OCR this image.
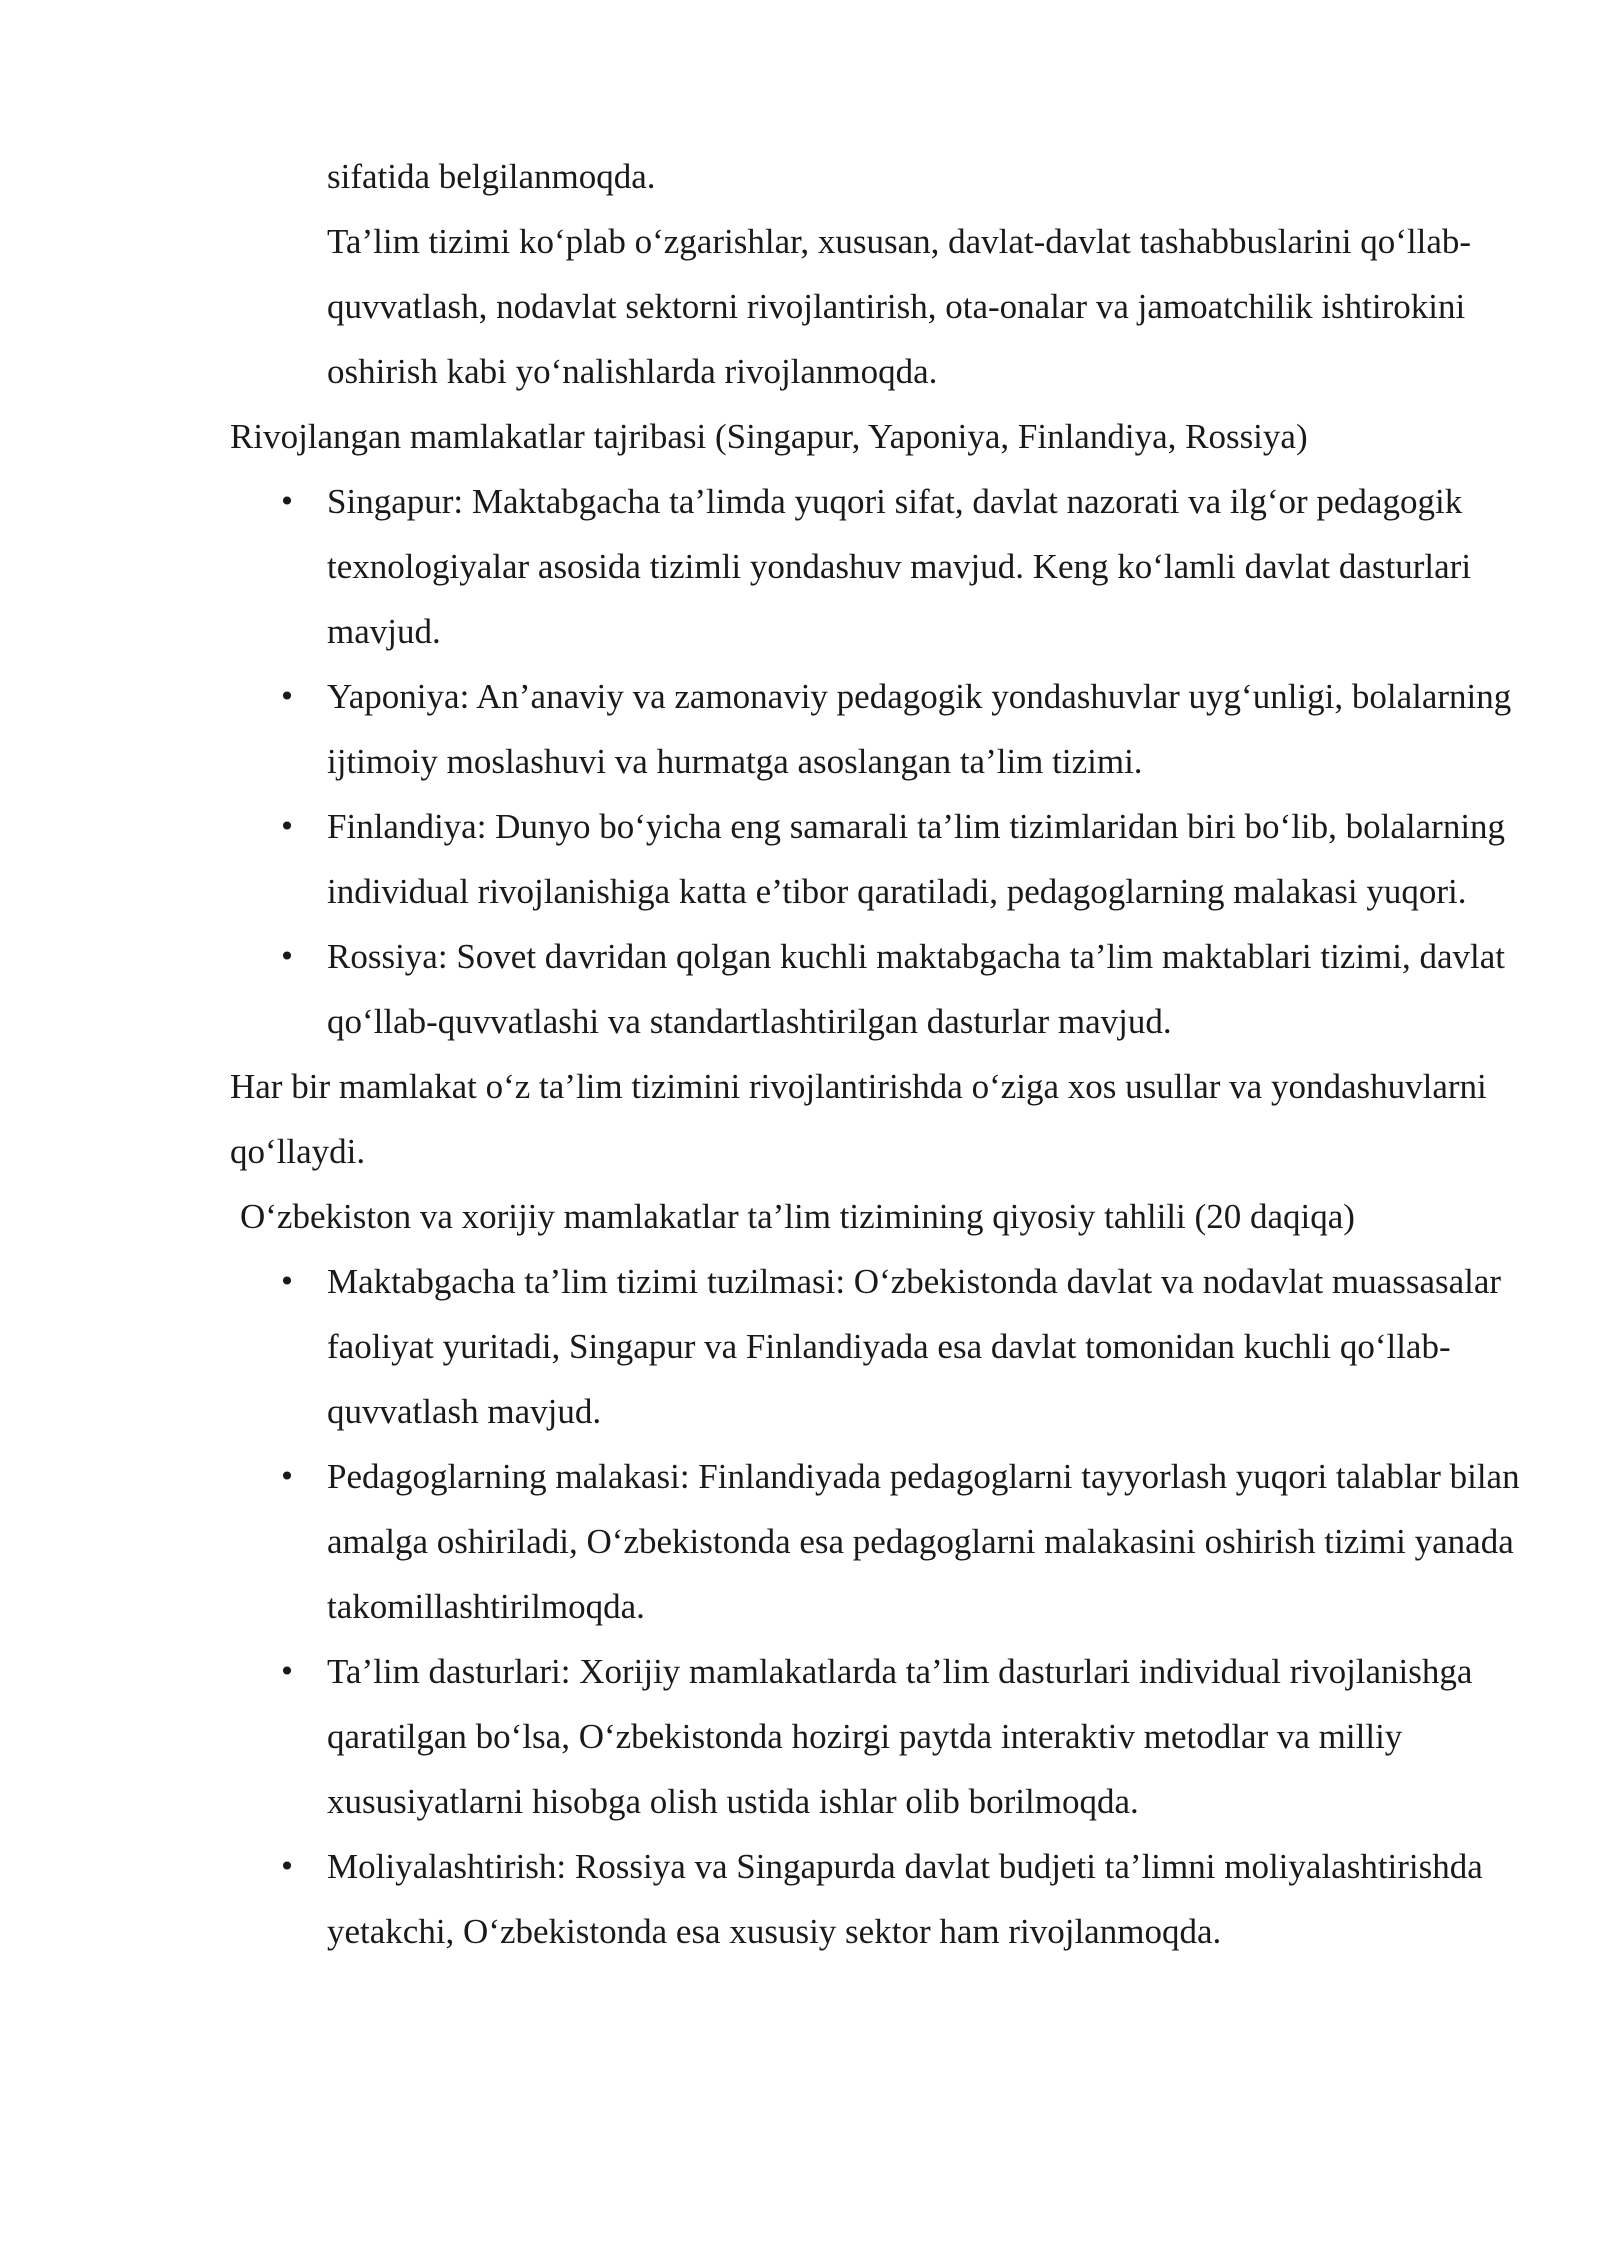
sifatida belgilanmoqda.

Ta’lim tizimi ko‘plab o‘zgarishlar, xususan, davlat-davlat tashabbuslarini qo‘llab-quvvatlash, nodavlat sektorni rivojlantirish, ota-onalar va jamoatchilik ishtirokini oshirish kabi yo‘nalishlarda rivojlanmoqda.

Rivojlangan mamlakatlar tajribasi (Singapur, Yaponiya, Finlandiya, Rossiya)

• Singapur: Maktabgacha ta’limda yuqori sifat, davlat nazorati va ilg‘or pedagogik texnologiyalar asosida tizimli yondashuv mavjud. Keng ko‘lamli davlat dasturlari mavjud.
• Yaponiya: An’anaviy va zamonaviy pedagogik yondashuvlar uyg‘unligi, bolalarning ijtimoiy moslashuvi va hurmatga asoslangan ta’lim tizimi.
• Finlandiya: Dunyo bo‘yicha eng samarali ta’lim tizimlaridan biri bo‘lib, bolalarning individual rivojlanishiga katta e’tibor qaratiladi, pedagoglarning malakasi yuqori.
• Rossiya: Sovet davridan qolgan kuchli maktabgacha ta’lim maktablari tizimi, davlat qo‘llab-quvvatlashi va standartlashtirilgan dasturlar mavjud.

Har bir mamlakat o‘z ta’lim tizimini rivojlantirishda o‘ziga xos usullar va yondashuvlarni qo‘llaydi.

O‘zbekiston va xorijiy mamlakatlar ta’lim tizimining qiyosiy tahlili (20 daqiqa)

• Maktabgacha ta’lim tizimi tuzilmasi: O‘zbekistonda davlat va nodavlat muassasalar faoliyat yuritadi, Singapur va Finlandiyada esa davlat tomonidan kuchli qo‘llab-quvvatlash mavjud.
• Pedagoglarning malakasi: Finlandiyada pedagoglarni tayyorlash yuqori talablar bilan amalga oshiriladi, O‘zbekistonda esa pedagoglarni malakasini oshirish tizimi yanada takomillashtirilmoqda.
• Ta’lim dasturlari: Xorijiy mamlakatlarda ta’lim dasturlari individual rivojlanishga qaratilgan bo‘lsa, O‘zbekistonda hozirgi paytda interaktiv metodlar va milliy xususiyatlarni hisobga olish ustida ishlar olib borilmoqda.
• Moliyalashtirish: Rossiya va Singapurda davlat budjeti ta’limni moliyalashtirishda yetakchi, O‘zbekistonda esa xususiy sektor ham rivojlanmoqda.
